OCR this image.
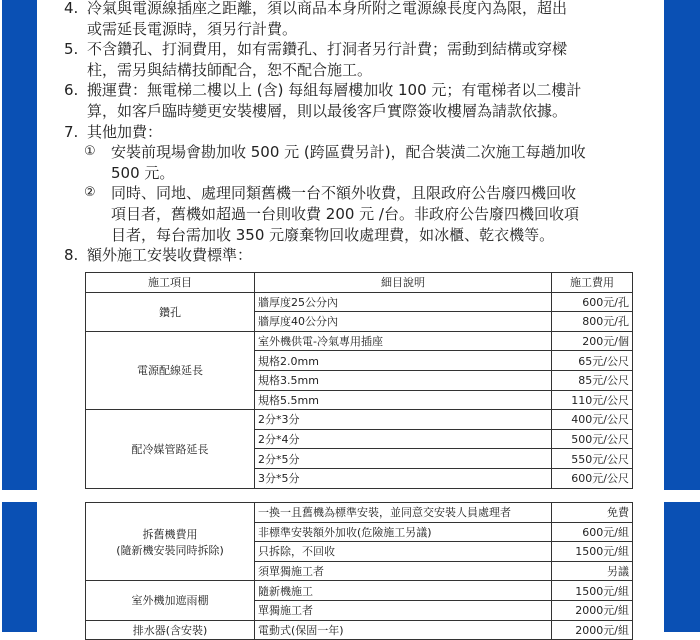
4. 冷氣與電源線插座之距離，須以商品本身所附之電源線長度內為限，超出
或需延長電源時，須另行計費。
5. 不含鑽孔、打洞費用，如有需鑽孔、打洞者另行計費；需動到結構或穿樑
柱，需另與結構技師配合，恕不配合施工。
6. 搬運費：無電梯二樓以上 (含) 每組每層樓加收 100 元；有電梯者以二樓計
算，如客戶臨時變更安裝樓層，則以最後客戶實際簽收樓層為請款依據。
7. 其他加費：
①	安裝前現場會勘加收 500 元 (跨區費另計)，配合裝潢二次施工每趟加收
500 元。
②	同時、同地、處理同類舊機一台不額外收費，且限政府公告廢四機回收
項目者，舊機如超過一台則收費 200 元 /台。非政府公告廢四機回收項
目者，每台需加收 350 元廢棄物回收處理費，如冰櫃、乾衣機等。
8. 額外施工安裝收費標準：
施工項目	細目說明	施工費用
鑽孔	牆厚度25公分內	600元/孔
	牆厚度40公分內	800元/孔
電源配線延長	室外機供電-冷氣專用插座	200元/個
	規格2.0mm	65元/公尺
	規格3.5mm	85元/公尺
	規格5.5mm	110元/公尺
配冷媒管路延長	2分*3分	400元/公尺
	2分*4分	500元/公尺
	2分*5分	550元/公尺
	3分*5分	600元/公尺
拆舊機費用
(隨新機安裝同時拆除)	一換一且舊機為標準安裝，並同意交安裝人員處理者	免費
	非標準安裝額外加收(危險施工另議)	600元/組
	只拆除，不回收	1500元/組
	須單獨施工者	另議
室外機加遮雨棚	隨新機施工	1500元/組
	單獨施工者	2000元/組
排水器(含安裝)	電動式(保固一年)	2000元/組
